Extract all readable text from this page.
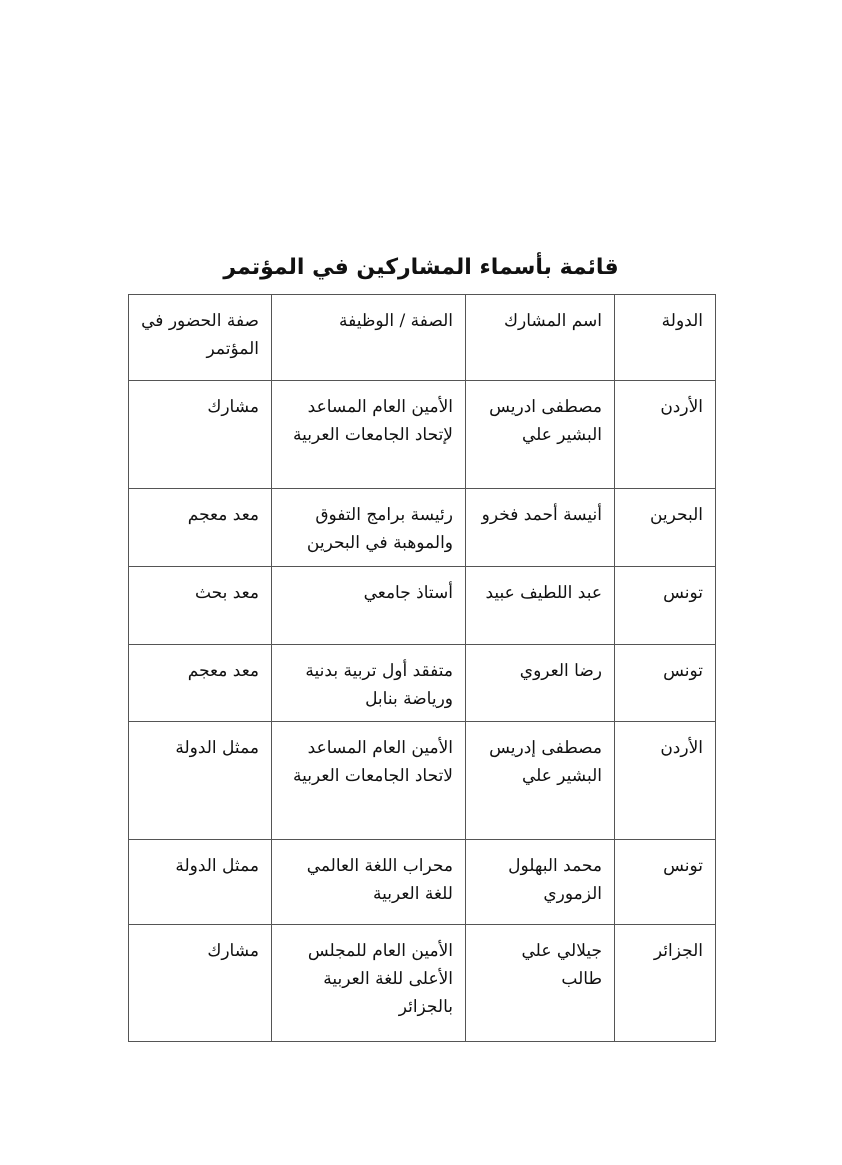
قائمة بأسماء المشاركين في المؤتمر
الدولة	اسم المشارك	الصفة / الوظيفة	صفة الحضور في المؤتمر
الأردن	مصطفى ادريس البشير علي	الأمين العام المساعد لإتحاد الجامعات العربية	مشارك
البحرين	أنيسة أحمد فخرو	رئيسة برامج التفوق والموهبة في البحرين	معد معجم
تونس	عبد اللطيف عبيد	أستاذ جامعي	معد بحث
تونس	رضا العروي	متفقد أول تربية بدنية ورياضة بنابل	معد معجم
الأردن	مصطفى إدريس البشير علي	الأمين العام المساعد لاتحاد الجامعات العربية	ممثل الدولة
تونس	محمد البهلول الزموري	محراب اللغة العالمي للغة العربية	ممثل الدولة
الجزائر	جيلالي علي طالب	الأمين العام للمجلس الأعلى للغة العربية بالجزائر	مشارك
